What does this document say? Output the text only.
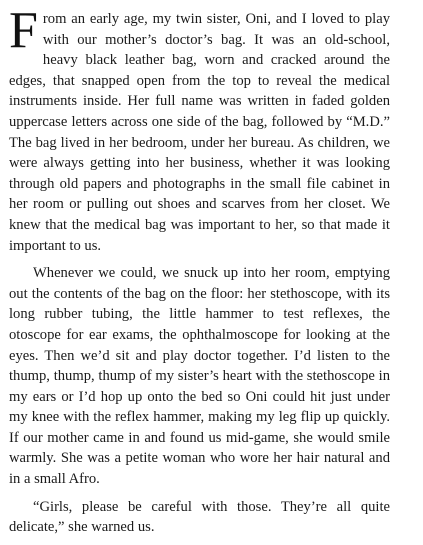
From an early age, my twin sister, Oni, and I loved to play with our mother’s doctor’s bag. It was an old-school, heavy black leather bag, worn and cracked around the edges, that snapped open from the top to reveal the medical instruments inside. Her full name was written in faded golden uppercase letters across one side of the bag, followed by “M.D.” The bag lived in her bedroom, under her bureau. As children, we were always getting into her business, whether it was looking through old papers and photographs in the small file cabinet in her room or pulling out shoes and scarves from her closet. We knew that the medical bag was important to her, so that made it important to us.

Whenever we could, we snuck up into her room, emptying out the contents of the bag on the floor: her stethoscope, with its long rubber tubing, the little hammer to test reflexes, the otoscope for ear exams, the ophthalmoscope for looking at the eyes. Then we’d sit and play doctor together. I’d listen to the thump, thump, thump of my sister’s heart with the stethoscope in my ears or I’d hop up onto the bed so Oni could hit just under my knee with the reflex hammer, making my leg flip up quickly. If our mother came in and found us mid-game, she would smile warmly. She was a petite woman who wore her hair natural and in a small Afro.

“Girls, please be careful with those. They’re all quite delicate,” she warned us.
